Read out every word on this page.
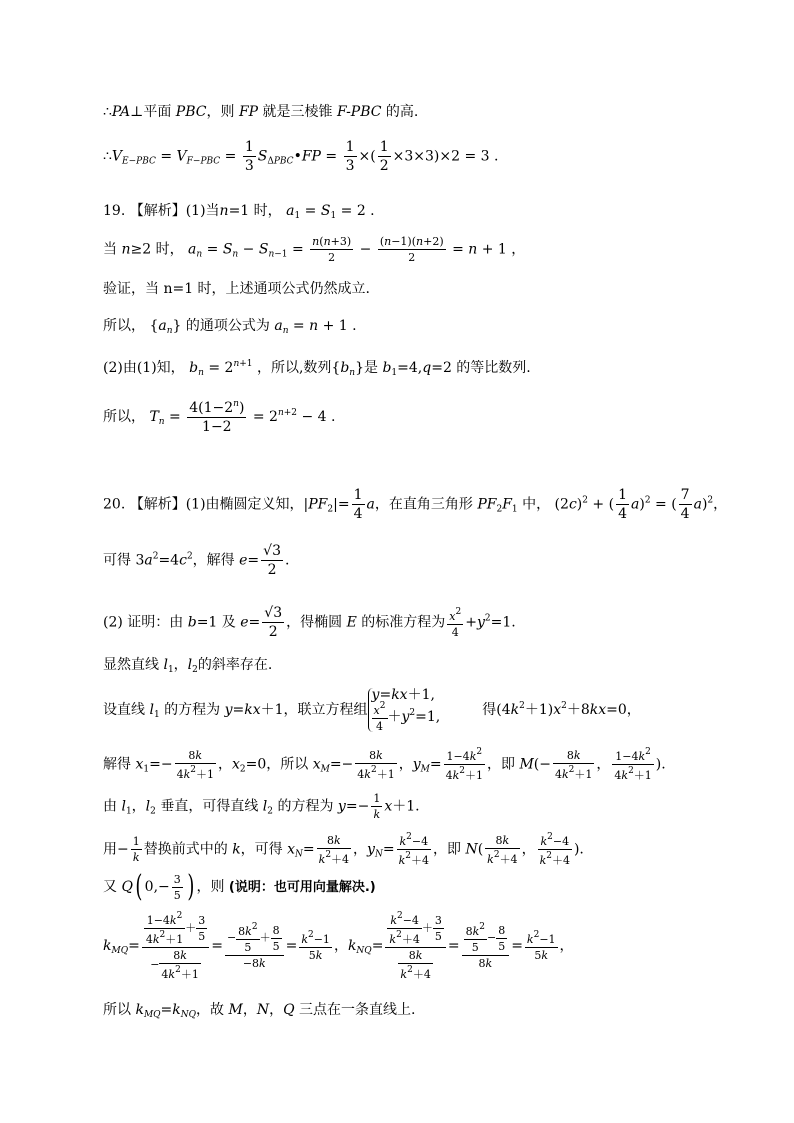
∴PA⊥平面 PBC，则 FP 就是三棱锥 F-PBC 的高.
$\therefore V_{E-PBC} = V_{F-PBC} = \frac{1}{3}$ $S_{\Delta PBC}•FP = \frac{1}{3}$ ×( $\frac{1}{2} \times 3\times 3)\times 2 = 3$ .
19. 【解析】(1)当n=1 时， $a_1 = S_1 = 2$ .
当 n≥2 时， $a_n = S_n - S_{n-1} = \frac{n(n+3)}{2} - \frac{(n-1)(n+2)}{2} = n + 1$ ，
验证，当 n=1 时，上述通项公式仍然成立.
所以， $\{a_n\}$ 的通项公式为 $a_n = n + 1$ .
(2)由(1)知， $b_n = 2^{n+1}$ ，所以,数列$\{b_n\}$是 $b_1=4,q=2$ 的等比数列.
所以， $T_n = \frac{4(1-2^n)}{1-2} = 2^{n+2} - 4$ .
20. 【解析】(1)由椭圆定义知，$|PF_2|= \frac{1}{4}$ a，在直角三角形 $PF_2F_1$ 中， $(2c)^2$ + ( $\frac{1}{4} a)^2$ = ( $\frac{7}{4} a)^2$，
可得 $3a^2=4c^2$，解得 $e= \frac{√3}{2}$ .
(2) 证明：由 b=1 及 $e= \frac{√3}{2}$ ，得椭圆 E 的标准方程为 $\frac{x^2}{4} +y^2=1$.
显然直线 $l_1$，$l_2$的斜率存在.
设直线 $l_1$ 的方程为 y=kx＋1，联立方程组
y=kx＋1,
$\frac{x^2}{4} +y^2=1$, 　　　得$(4k^2+1)x^2+8kx=0$，
解得 $x_1=- \frac{8k}{4k^2+1}$ ，$x_2=0$，所以 $x_M=- \frac{8k}{4k^2+1}$ ，$y_M= \frac{1-4k^2}{4k^2+1}$ ，即 $M(- \frac{8k}{4k^2+1}$ ， $\frac{1-4k^2}{4k^2+1}$ ).
由 $l_1$，$l_2$ 垂直，可得直线 $l_2$ 的方程为 $y=- \frac{1}{k} x+1$.
用− $\frac{1}{k}$ 替换前式中的 k，可得 $x_N= \frac{8k}{k^2+4}$ ，$y_N= \frac{k^2-4}{k^2+4}$ ，即 $N( \frac{8k}{k^2+4}$ ， $\frac{k^2-4}{k^2+4}$ ).
又 Q( $0,- \frac{3}{5}$ ) ，则 (说明：也可用向量解决.)
$k_{MQ}= \frac{\frac{1-4k^2}{4k^2+1} + \frac{3}{5}}{- \frac{8k}{4k^2+1}} = \frac{- \frac{8k^2}{5} + \frac{8}{5}}{-8k} = \frac{k^2-1}{5k}$ ，$k_{NQ}= \frac{\frac{k^2-4}{k^2+4} + \frac{3}{5}}{\frac{8k}{k^2+4}} = \frac{\frac{8k^2}{5} - \frac{8}{5}}{8k} = \frac{k^2-1}{5k}$ ，
所以 $k_{MQ}=k_{NQ}$，故 M，N，Q 三点在一条直线上.
